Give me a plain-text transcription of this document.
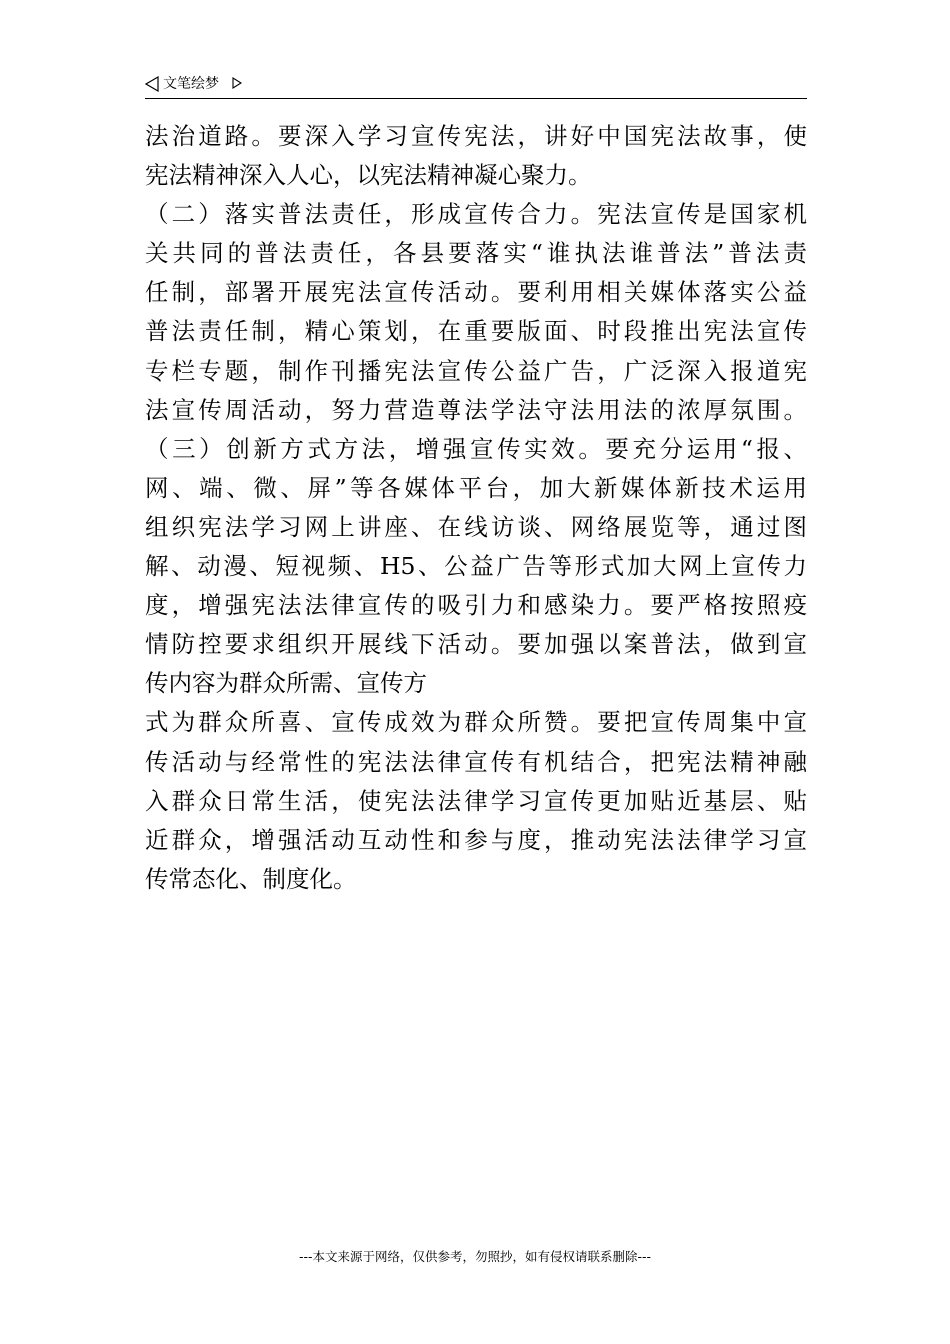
文笔绘梦
法治道路。要深入学习宣传宪法，讲好中国宪法故事，使
宪法精神深入人心，以宪法精神凝心聚力。
（二）落实普法责任，形成宣传合力。宪法宣传是国家机
关共同的普法责任，各县要落实“谁执法谁普法”普法责
任制，部署开展宪法宣传活动。要利用相关媒体落实公益
普法责任制，精心策划，在重要版面、时段推出宪法宣传
专栏专题，制作刊播宪法宣传公益广告，广泛深入报道宪
法宣传周活动，努力营造尊法学法守法用法的浓厚氛围。
（三）创新方式方法，增强宣传实效。要充分运用“报、
网、端、微、屏”等各媒体平台，加大新媒体新技术运用
组织宪法学习网上讲座、在线访谈、网络展览等，通过图
解、动漫、短视频、H5、公益广告等形式加大网上宣传力
度，增强宪法法律宣传的吸引力和感染力。要严格按照疫
情防控要求组织开展线下活动。要加强以案普法，做到宣
传内容为群众所需、宣传方
式为群众所喜、宣传成效为群众所赞。要把宣传周集中宣
传活动与经常性的宪法法律宣传有机结合，把宪法精神融
入群众日常生活，使宪法法律学习宣传更加贴近基层、贴
近群众，增强活动互动性和参与度，推动宪法法律学习宣
传常态化、制度化。
---本文来源于网络，仅供参考，勿照抄，如有侵权请联系删除---
